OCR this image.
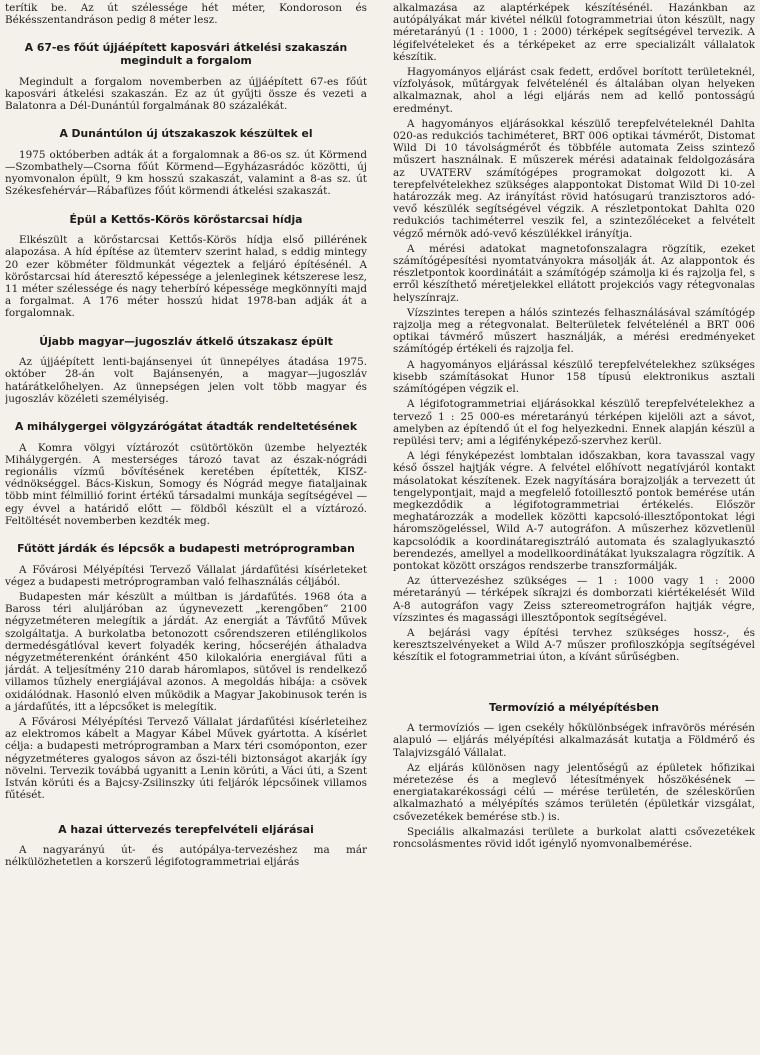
terítik be. Az út szélessége hét méter, Kondoroson és Békésszentandráson pedig 8 méter lesz.

A 67-es főút újjáépített kaposvári átkelési szakaszán megindult a forgalom

Megindult a forgalom novemberben az újjáépített 67-es főút kaposvári átkelési szakaszán. Ez az út gyűjti össze és vezeti a Balatonra a Dél-Dunántúl forgalmának 80 százalékát.

A Dunántúlon új útszakaszok készültek el

1975 októberben adták át a forgalomnak a 86-os sz. út Körmend—Szombathely—Csorna főút Körmend—Egyházasrádóc közötti, új nyomvonalon épült, 9 km hosszú szakaszát, valamint a 8-as sz. út Székesfehérvár—Rábafüzes főút körmendi átkelési szakaszát.

Épül a Kettős-Körös körőstarcsai hídja

Elkészült a körőstarcsai Kettős-Körös hídja első pillérének alapozása. A híd építése az ütemterv szerint halad, s eddig mintegy 20 ezer köbméter földmunkát végeztek a feljáró építésénél. A körőstarcsai híd áteresztő képessége a jelenleginek kétszerese lesz, 11 méter szélessége és nagy teherbíró képessége megkönnyíti majd a forgalmat. A 176 méter hosszú hidat 1978-ban adják át a forgalomnak.

Újabb magyar—jugoszláv átkelő útszakasz épült

Az újjáépített lenti-bajánsenyei út ünnepélyes átadása 1975. október 28-án volt Bajánsenyén, a magyar—jugoszláv határátkelőhelyen. Az ünnepségen jelen volt több magyar és jugoszláv közéleti személyiség.

A mihálygergei völgyzárógátat átadták rendeltetésének

A Komra völgyi víztározót csütörtökön üzembe helyezték Mihálygergén. A mesterséges tározó tavat az észak-nógrádi regionális vízmű bővítésének keretében építették, KISZ-védnökséggel. Bács-Kiskun, Somogy és Nógrád megye fiataljainak több mint félmillió forint értékű társadalmi munkája segítségével — egy évvel a határidő előtt — földből készült el a víztározó. Feltöltését novemberben kezdték meg.

Fűtött járdák és lépcsők a budapesti metróprogramban

A Fővárosi Mélyépítési Tervező Vállalat járdafűtési kísérleteket végez a budapesti metróprogramban való felhasználás céljából.

Budapesten már készült a múltban is járdafűtés. 1968 óta a Baross téri aluljáróban az úgynevezett „kerengőben” 2100 négyzetméteren melegítik a járdát. Az energiát a Távfűtő Művek szolgáltatja. A burkolatba betonozott csőrendszeren etilénglikolos dermedésgátlóval kevert folyadék kering, hőcseréjén áthaladva négyzetméterenként óránként 450 kilokalória energiával fűti a járdát. A teljesítmény 210 darab háromlapos, sütővel is rendelkező villamos tűzhely energiájával azonos. A megoldás hibája: a csövek oxidálódnak. Hasonló elven működik a Magyar Jakobinusok terén is a járdafűtés, itt a lépcsőket is melegítik.

A Fővárosi Mélyépítési Tervező Vállalat járdafűtési kísérleteihez az elektromos kábelt a Magyar Kábel Művek gyártotta. A kísérlet célja: a budapesti metróprogramban a Marx téri csomóponton, ezer négyzetméteres gyalogos sávon az őszi-téli biztonságot akarják így növelni. Tervezik továbbá ugyanitt a Lenin körúti, a Váci úti, a Szent István körúti és a Bajcsy-Zsilinszky úti feljárók lépcsőinek villamos fűtését.

A hazai úttervezés terepfelvételi eljárásai

A nagyarányú út- és autópálya-tervezéshez ma már nélkülözhetetlen a korszerű légifotogrammetriai eljárás

alkalmazása az alaptérképek készítésénél. Hazánkban az autópályákat már kivétel nélkül fotogrammetriai úton készült, nagy méretarányú (1 : 1000, 1 : 2000) térképek segítségével tervezik. A légifelvételeket és a térképeket az erre specializált vállalatok készítik.

Hagyományos eljárást csak fedett, erdővel borított területeknél, vízfolyások, műtárgyak felvételénél és általában olyan helyeken alkalmaznak, ahol a légi eljárás nem ad kellő pontosságú eredményt.

A hagyományos eljárásokkal készülő terepfelvételeknél Dahlta 020-as redukciós tachiméteret, BRT 006 optikai távmérőt, Distomat Wild Di 10 távolságmérőt és többféle automata Zeiss szintező műszert használnak. E műszerek mérési adatainak feldolgozására az UVATERV számítógépes programokat dolgozott ki. A terepfelvételekhez szükséges alappontokat Distomat Wild Di 10-zel határozzák meg. Az irányítást rövid hatósugarú tranzisztoros adó-vevő készülék segítségével végzik. A részletpontokat Dahlta 020 redukciós tachiméterrel veszik fel, a szintezőléceket a felvételt végző mérnök adó-vevő készülékkel irányítja.

A mérési adatokat magnetofonszalagra rögzítik, ezeket számítógépesítési nyomtatványokra másolják át. Az alappontok és részletpontok koordinátáit a számítógép számolja ki és rajzolja fel, s erről készíthető méretjelekkel ellátott projekciós vagy rétegvonalas helyszínrajz.

Vízszintes terepen a hálós szintezés felhasználásával számítógép rajzolja meg a rétegvonalat. Belterületek felvételénél a BRT 006 optikai távmérő műszert használják, a mérési eredményeket számítógép értékeli és rajzolja fel.

A hagyományos eljárással készülő terepfelvételekhez szükséges kisebb számításokat Hunor 158 típusú elektronikus asztali számítógépen végzik el.

A légifotogrammetriai eljárásokkal készülő terepfelvételekhez a tervező 1 : 25 000-es méretarányú térképen kijelöli azt a sávot, amelyben az építendő út el fog helyezkedni. Ennek alapján készül a repülési terv; ami a légifényképező-szervhez kerül.

A légi fényképezést lombtalan időszakban, kora tavasszal vagy késő ősszel hajtják végre. A felvétel előhívott negatívjáról kontakt másolatokat készítenek. Ezek nagyítására borajzolják a tervezett út tengelypontjait, majd a megfelelő fotoillesztő pontok bemérése után megkezdődik a légifotogrammetriai értékelés. Először meghatározzák a modellek közötti kapcsoló-illesztőpontokat légi háromszögeléssel, Wild A-7 autográfon. A műszerhez közvetlenül kapcsolódik a koordinátaregisztráló automata és szalaglyukasztó berendezés, amellyel a modellkoordinátákat lyukszalagra rögzítik. A pontokat között országos rendszerbe transzformálják.

Az úttervezéshez szükséges — 1 : 1000 vagy 1 : 2000 méretarányú — térképek síkrajzi és domborzati kiértékelését Wild A-8 autográfon vagy Zeiss sztereometrográfon hajtják végre, vízszintes és magassági illesztőpontok segítségével.

A bejárási vagy építési tervhez szükséges hossz-, és keresztszelvényeket a Wild A-7 műszer profiloszkópja segítségével készítik el fotogrammetriai úton, a kívánt sűrűségben.

Termovízió a mélyépítésben

A termovíziós — igen csekély hőkülönbségek infravörös mérésén alapuló — eljárás mélyépítési alkalmazását kutatja a Földmérő és Talajvizsgáló Vállalat.

Az eljárás különösen nagy jelentőségű az épületek hőfizikai méretezése és a meglevő létesítmények hőszökésének — energiatakarékossági célú — mérése területén, de széleskörűen alkalmazható a mélyépítés számos területén (épületkár vizsgálat, csővezetékek bemérése stb.) is.

Speciális alkalmazási területe a burkolat alatti csővezetékek roncsolásmentes rövid időt igénylő nyomvonalbemérése.
